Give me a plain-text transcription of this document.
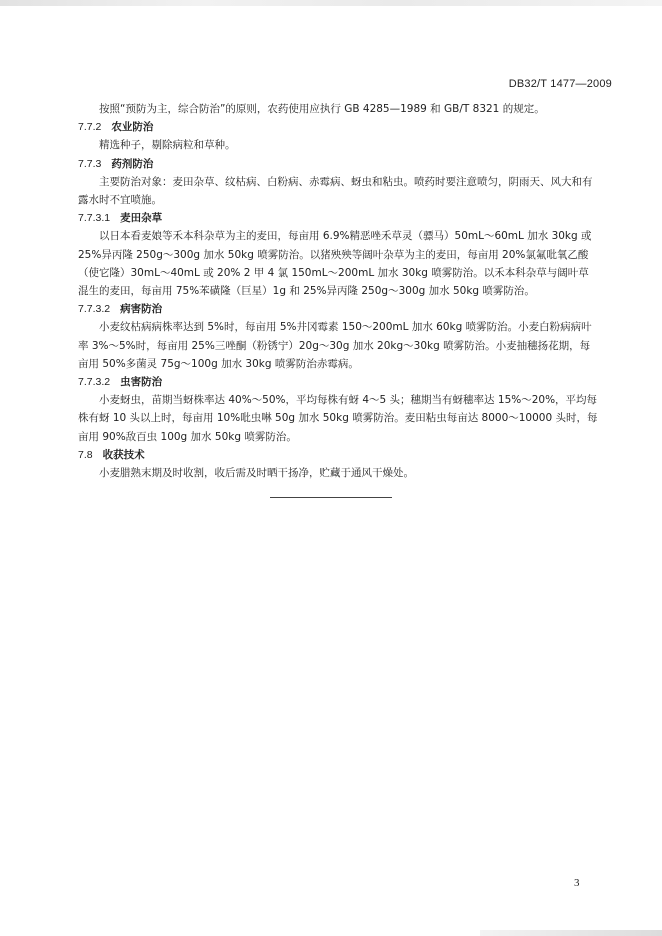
DB32/T 1477—2009

按照“预防为主，综合防治”的原则，农药使用应执行 GB 4285—1989 和 GB/T 8321 的规定。

7.7.2 农业防治

精选种子，剔除病粒和草种。

7.7.3 药剂防治

主要防治对象：麦田杂草、纹枯病、白粉病、赤霉病、蚜虫和粘虫。喷药时要注意喷匀，阴雨天、风大和有露水时不宜喷施。

7.7.3.1 麦田杂草

以日本看麦娘等禾本科杂草为主的麦田，每亩用 6.9%精恶唑禾草灵（骠马）50mL～60mL 加水 30kg 或 25%异丙隆 250g～300g 加水 50kg 喷雾防治。以猪殃殃等阔叶杂草为主的麦田，每亩用 20%氯氟吡氧乙酸（使它隆）30mL～40mL 或 20% 2 甲 4 氯 150mL～200mL 加水 30kg 喷雾防治。以禾本科杂草与阔叶草混生的麦田，每亩用 75%苯磺隆（巨星）1g 和 25%异丙隆 250g～300g 加水 50kg 喷雾防治。

7.7.3.2 病害防治

小麦纹枯病病株率达到 5%时，每亩用 5%井冈霉素 150～200mL 加水 60kg 喷雾防治。小麦白粉病病叶率 3%～5%时，每亩用 25%三唑酮（粉锈宁）20g～30g 加水 20kg～30kg 喷雾防治。小麦抽穗扬花期，每亩用 50%多菌灵 75g～100g 加水 30kg 喷雾防治赤霉病。

7.7.3.2 虫害防治

小麦蚜虫，苗期当蚜株率达 40%～50%，平均每株有蚜 4～5 头；穗期当有蚜穗率达 15%～20%，平均每株有蚜 10 头以上时，每亩用 10%吡虫啉 50g 加水 50kg 喷雾防治。麦田粘虫每亩达 8000～10000 头时，每亩用 90%敌百虫 100g 加水 50kg 喷雾防治。

7.8 收获技术

小麦腊熟末期及时收割，收后需及时晒干扬净，贮藏于通风干燥处。

3
